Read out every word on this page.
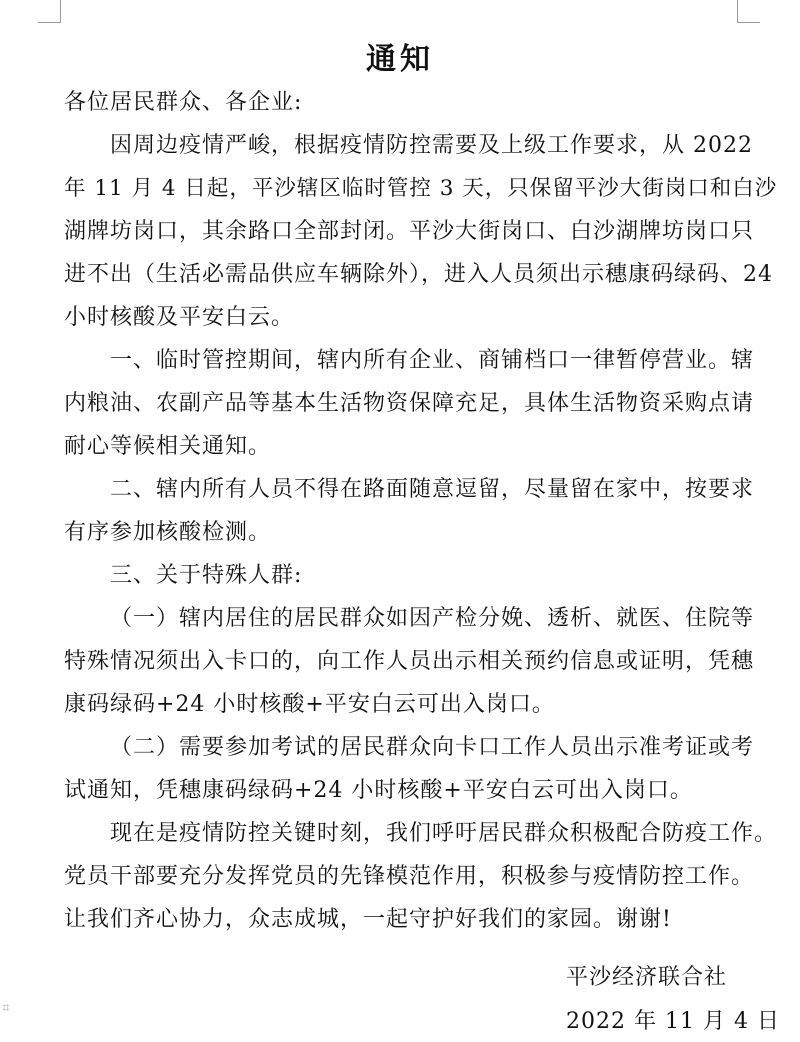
⌗
通知
各位居民群众、各企业:
因周边疫情严峻，根据疫情防控需要及上级工作要求，从 2022
年 11 月 4 日起，平沙辖区临时管控 3 天，只保留平沙大街岗口和白沙
湖牌坊岗口，其余路口全部封闭。平沙大街岗口、白沙湖牌坊岗口只
进不出（生活必需品供应车辆除外），进入人员须出示穗康码绿码、24
小时核酸及平安白云。
一、临时管控期间，辖内所有企业、商铺档口一律暂停营业。辖
内粮油、农副产品等基本生活物资保障充足，具体生活物资采购点请
耐心等候相关通知。
二、辖内所有人员不得在路面随意逗留，尽量留在家中，按要求
有序参加核酸检测。
三、关于特殊人群:
（一）辖内居住的居民群众如因产检分娩、透析、就医、住院等
特殊情况须出入卡口的，向工作人员出示相关预约信息或证明，凭穗
康码绿码+24 小时核酸+平安白云可出入岗口。
（二）需要参加考试的居民群众向卡口工作人员出示准考证或考
试通知，凭穗康码绿码+24 小时核酸+平安白云可出入岗口。
现在是疫情防控关键时刻，我们呼吁居民群众积极配合防疫工作。
党员干部要充分发挥党员的先锋模范作用，积极参与疫情防控工作。
让我们齐心协力，众志成城，一起守护好我们的家园。谢谢!
平沙经济联合社
2022 年 11 月 4 日
